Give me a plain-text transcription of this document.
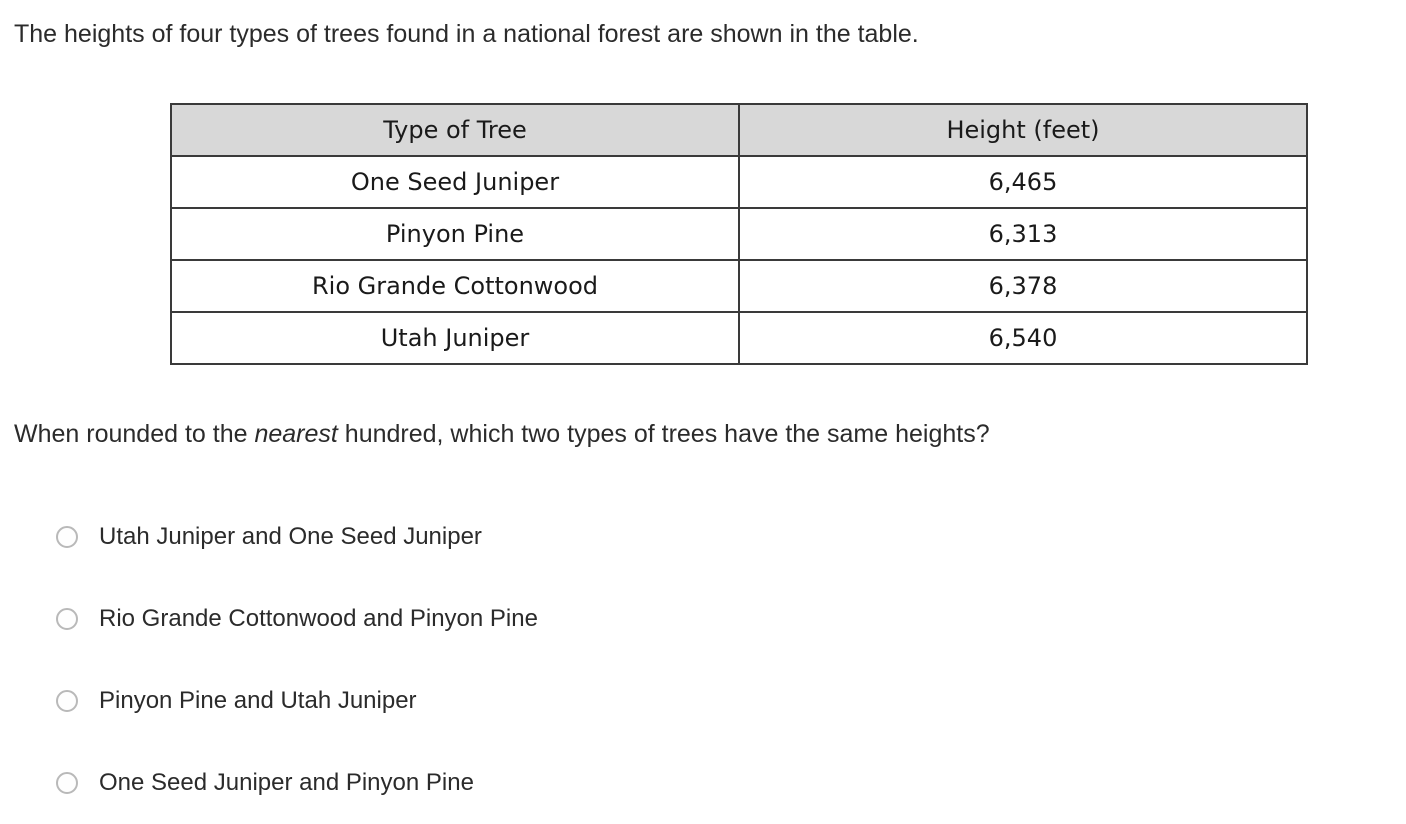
The heights of four types of trees found in a national forest are shown in the table.
Type of Tree	Height (feet)
One Seed Juniper	6,465
Pinyon Pine	6,313
Rio Grande Cottonwood	6,378
Utah Juniper	6,540
When rounded to the nearest hundred, which two types of trees have the same heights?
Utah Juniper and One Seed Juniper
Rio Grande Cottonwood and Pinyon Pine
Pinyon Pine and Utah Juniper
One Seed Juniper and Pinyon Pine
